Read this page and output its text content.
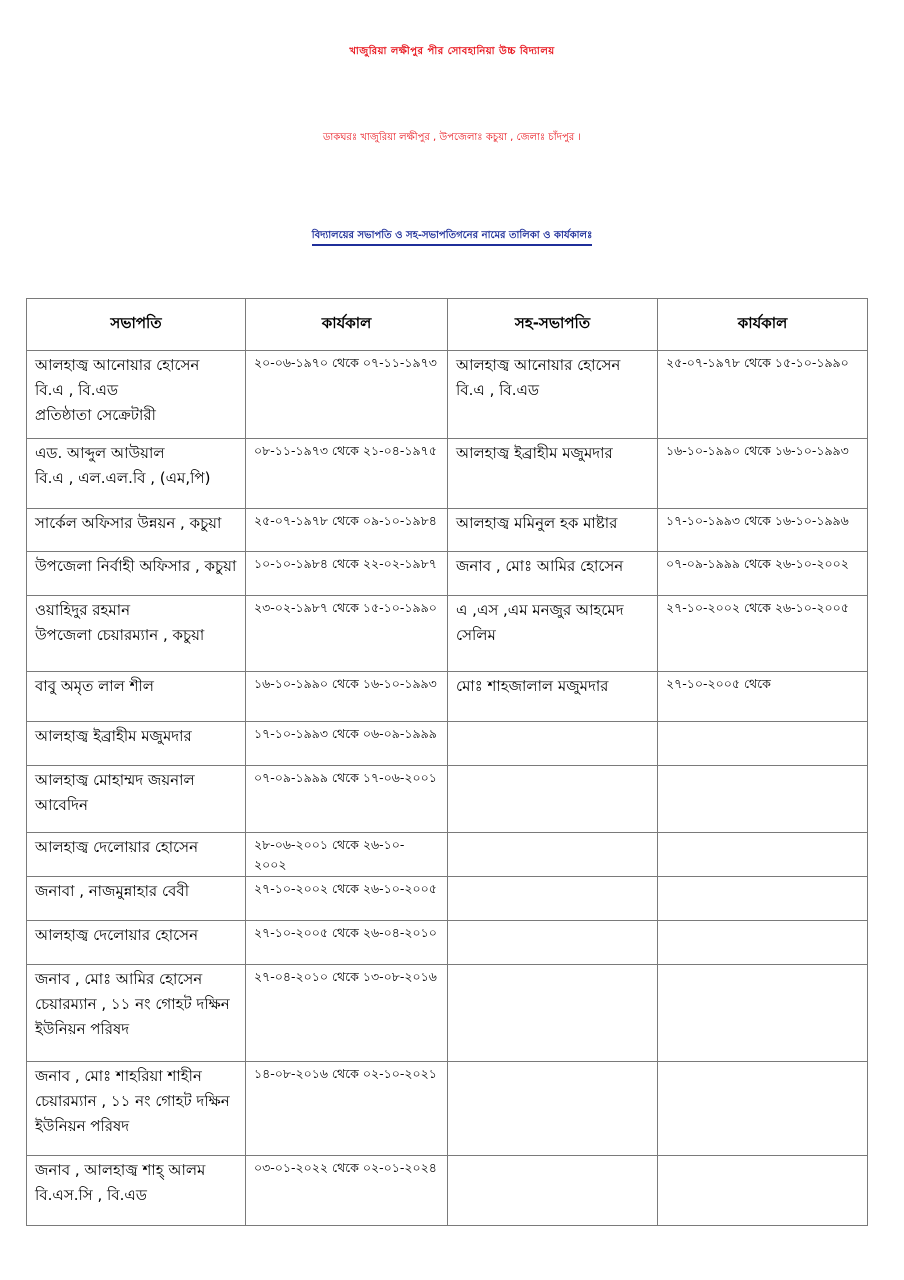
খাজুরিয়া লক্ষীপুর পীর সোবহানিয়া উচ্চ বিদ্যালয়
ডাকঘরঃ খাজুরিয়া লক্ষীপুর , উপজেলাঃ কচুয়া , জেলাঃ চাঁদপুর ।
বিদ্যালয়ের সভাপতি ও সহ-সভাপতিগনের নামের তালিকা ও কার্যকালঃ
সভাপতি	কার্যকাল	সহ-সভাপতি	কার্যকাল

আলহাজ্ব আনোয়ার হোসেন
বি.এ , বি.এড
প্রতিষ্ঠাতা সেক্রেটারী	২০-০৬-১৯৭০ থেকে ০৭-১১-১৯৭৩	আলহাজ্ব আনোয়ার হোসেন
বি.এ , বি.এড	২৫-০৭-১৯৭৮ থেকে ১৫-১০-১৯৯০

এড. আব্দুল আউয়াল
বি.এ , এল.এল.বি , (এম,পি)	০৮-১১-১৯৭৩ থেকে ২১-০৪-১৯৭৫	আলহাজ্ব ইব্রাহীম মজুমদার	১৬-১০-১৯৯০ থেকে ১৬-১০-১৯৯৩

সার্কেল অফিসার উন্নয়ন , কচুয়া	২৫-০৭-১৯৭৮ থেকে ০৯-১০-১৯৮৪	আলহাজ্ব মমিনুল হক মাষ্টার	১৭-১০-১৯৯৩ থেকে ১৬-১০-১৯৯৬

উপজেলা নির্বাহী অফিসার , কচুয়া	১০-১০-১৯৮৪ থেকে ২২-০২-১৯৮৭	জনাব , মোঃ আমির হোসেন	০৭-০৯-১৯৯৯ থেকে ২৬-১০-২০০২

ওয়াহিদুর রহমান
উপজেলা চেয়ারম্যান , কচুয়া	২৩-০২-১৯৮৭ থেকে ১৫-১০-১৯৯০	এ ,এস ,এম মনজুর আহমেদ
সেলিম	২৭-১০-২০০২ থেকে ২৬-১০-২০০৫

বাবু অমৃত লাল শীল	১৬-১০-১৯৯০ থেকে ১৬-১০-১৯৯৩	মোঃ শাহজালাল মজুমদার	২৭-১০-২০০৫ থেকে

আলহাজ্ব ইব্রাহীম মজুমদার	১৭-১০-১৯৯৩ থেকে ০৬-০৯-১৯৯৯		

আলহাজ্ব মোহাম্মদ জয়নাল
আবেদিন	০৭-০৯-১৯৯৯ থেকে ১৭-০৬-২০০১		

আলহাজ্ব দেলোয়ার হোসেন	২৮-০৬-২০০১ থেকে ২৬-১০-
২০০২		

জনাবা , নাজমুন্নাহার বেবী	২৭-১০-২০০২ থেকে ২৬-১০-২০০৫		

আলহাজ্ব দেলোয়ার হোসেন	২৭-১০-২০০৫ থেকে ২৬-০৪-২০১০		

জনাব , মোঃ আমির হোসেন
চেয়ারম্যান , ১১ নং গোহট দক্ষিন
ইউনিয়ন পরিষদ	২৭-০৪-২০১০ থেকে ১৩-০৮-২০১৬		

জনাব , মোঃ শাহরিয়া শাহীন
চেয়ারম্যান , ১১ নং গোহট দক্ষিন
ইউনিয়ন পরিষদ	১৪-০৮-২০১৬ থেকে ০২-১০-২০২১		

জনাব , আলহাজ্ব শাহ্ আলম
বি.এস.সি , বি.এড	০৩-০১-২০২২ থেকে ০২-০১-২০২৪		
